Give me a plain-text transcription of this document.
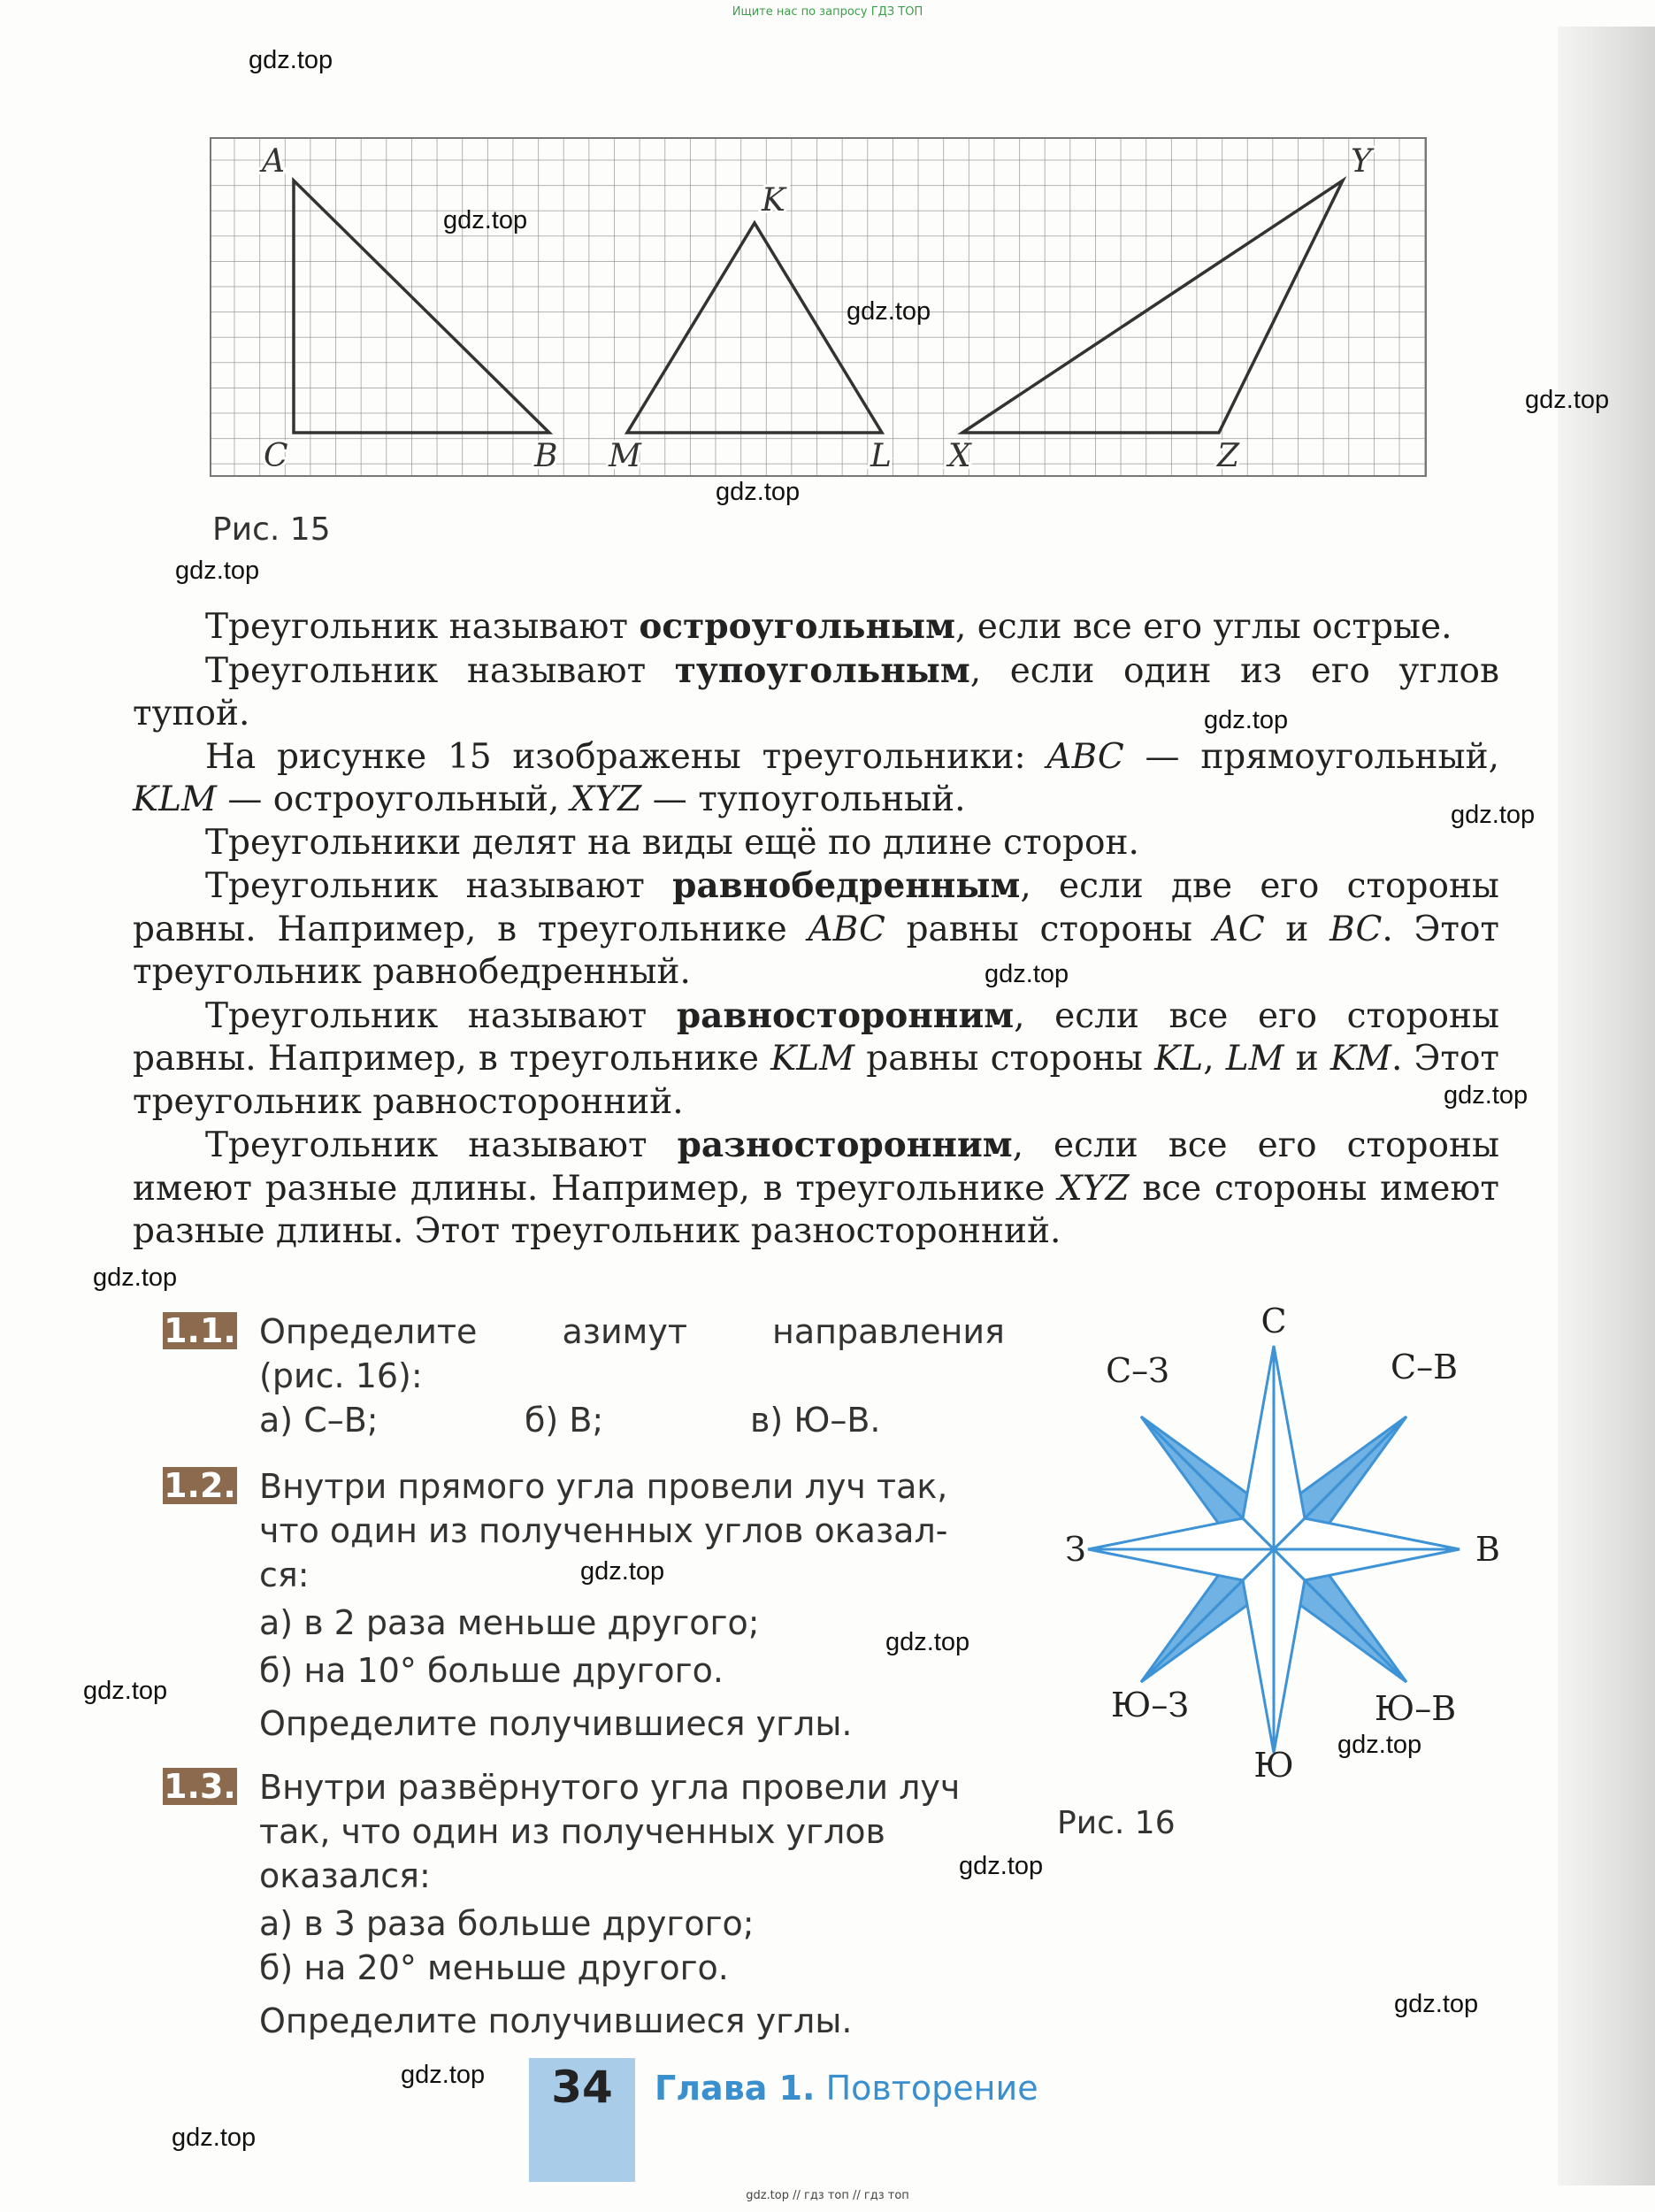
Ищите нас по запросу ГДЗ ТОП
A
C	B
K
M	L
Y
X	Z
Рис. 15

Треугольник называют остроугольным, если все его углы острые.

Треугольник называют тупоугольным, если один из его углов тупой.

На рисунке 15 изображены треугольники: ABC — прямоугольный, KLM — остроугольный, XYZ — тупоугольный.

Треугольники делят на виды ещё по длине сторон.

Треугольник называют равнобедренным, если две его стороны равны. Например, в треугольнике ABC равны стороны AC и BC. Этот треугольник равнобедренный.

Треугольник называют равносторонним, если все его стороны равны. Например, в треугольнике KLM равны стороны KL, LM и KM. Этот треугольник равносторонний.

Треугольник называют разносторонним, если все его стороны имеют разные длины. Например, в треугольнике XYZ все стороны имеют разные длины. Этот треугольник разносторонний.

1.1. Определите азимут направления
(рис. 16):
а) С–В;	б) В;	в) Ю–В.
1.2. Внутри прямого угла провели луч так,
что один из полученных углов оказал-
ся:
а) в 2 раза меньше другого;
б) на 10° больше другого.
Определите получившиеся углы.
1.3. Внутри развёрнутого угла провели луч
так, что один из полученных углов
оказался:
а) в 3 раза больше другого;
б) на 20° меньше другого.
Определите получившиеся углы.
С
С–З	С–В
З	В
Ю–З	Ю–В
Ю
Рис. 16
34	Глава 1. Повторение
gdz.top
gdz.top
gdz.top
gdz.top
gdz.top
gdz.top
gdz.top
gdz.top
gdz.top
gdz.top
gdz.top
gdz.top
gdz.top
gdz.top
gdz.top
gdz.top
gdz.top
gdz.top
gdz.top
gdz.top // гдз топ // гдз топ
